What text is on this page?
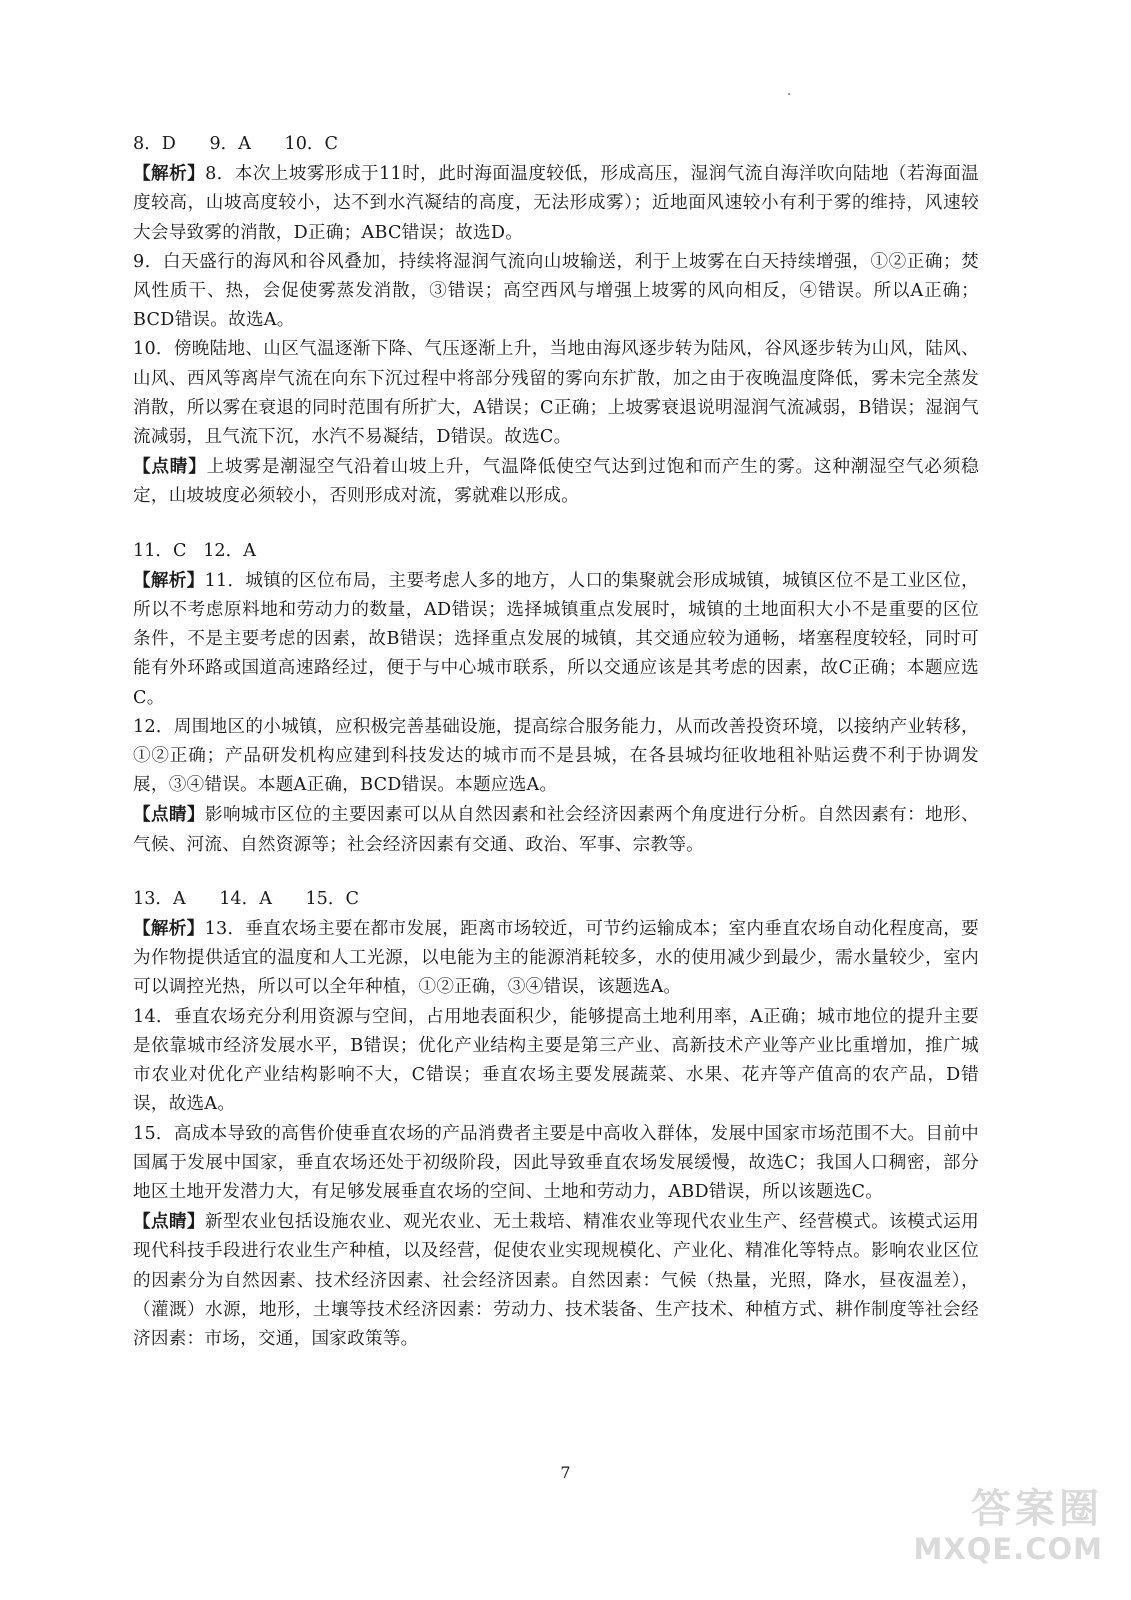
8．D      9．A      10．C

【解析】8．本次上坡雾形成于11时，此时海面温度较低，形成高压，湿润气流自海洋吹向陆地（若海面温度较高，山坡高度较小，达不到水汽凝结的高度，无法形成雾）；近地面风速较小有利于雾的维持，风速较大会导致雾的消散，D正确；ABC错误；故选D。

9．白天盛行的海风和谷风叠加，持续将湿润气流向山坡输送，利于上坡雾在白天持续增强，①②正确；焚风性质干、热，会促使雾蒸发消散，③错误；高空西风与增强上坡雾的风向相反，④错误。所以A正确；BCD错误。故选A。

10．傍晚陆地、山区气温逐渐下降、气压逐渐上升，当地由海风逐步转为陆风，谷风逐步转为山风，陆风、山风、西风等离岸气流在向东下沉过程中将部分残留的雾向东扩散，加之由于夜晚温度降低，雾未完全蒸发消散，所以雾在衰退的同时范围有所扩大，A错误；C正确；上坡雾衰退说明湿润气流减弱，B错误；湿润气流减弱，且气流下沉，水汽不易凝结，D错误。故选C。

【点睛】上坡雾是潮湿空气沿着山坡上升，气温降低使空气达到过饱和而产生的雾。这种潮湿空气必须稳定，山坡坡度必须较小，否则形成对流，雾就难以形成。

11．C   12．A

【解析】11．城镇的区位布局，主要考虑人多的地方，人口的集聚就会形成城镇，城镇区位不是工业区位，所以不考虑原料地和劳动力的数量，AD错误；选择城镇重点发展时，城镇的土地面积大小不是重要的区位条件，不是主要考虑的因素，故B错误；选择重点发展的城镇，其交通应较为通畅，堵塞程度较轻，同时可能有外环路或国道高速路经过，便于与中心城市联系，所以交通应该是其考虑的因素，故C正确；本题应选C。

12．周围地区的小城镇，应积极完善基础设施，提高综合服务能力，从而改善投资环境，以接纳产业转移，①②正确；产品研发机构应建到科技发达的城市而不是县城，在各县城均征收地租补贴运费不利于协调发展，③④错误。本题A正确，BCD错误。本题应选A。

【点睛】影响城市区位的主要因素可以从自然因素和社会经济因素两个角度进行分析。自然因素有：地形、气候、河流、自然资源等；社会经济因素有交通、政治、军事、宗教等。

13．A      14．A      15．C

【解析】13．垂直农场主要在都市发展，距离市场较近，可节约运输成本；室内垂直农场自动化程度高，要为作物提供适宜的温度和人工光源，以电能为主的能源消耗较多，水的使用减少到最少，需水量较少，室内可以调控光热，所以可以全年种植，①②正确，③④错误，该题选A。

14．垂直农场充分利用资源与空间，占用地表面积少，能够提高土地利用率，A正确；城市地位的提升主要是依靠城市经济发展水平，B错误；优化产业结构主要是第三产业、高新技术产业等产业比重增加，推广城市农业对优化产业结构影响不大，C错误；垂直农场主要发展蔬菜、水果、花卉等产值高的农产品，D错误，故选A。

15．高成本导致的高售价使垂直农场的产品消费者主要是中高收入群体，发展中国家市场范围不大。目前中国属于发展中国家，垂直农场还处于初级阶段，因此导致垂直农场发展缓慢，故选C；我国人口稠密，部分地区土地开发潜力大，有足够发展垂直农场的空间、土地和劳动力，ABD错误，所以该题选C。

【点睛】新型农业包括设施农业、观光农业、无土栽培、精准农业等现代农业生产、经营模式。该模式运用现代科技手段进行农业生产种植，以及经营，促使农业实现规模化、产业化、精准化等特点。影响农业区位的因素分为自然因素、技术经济因素、社会经济因素。自然因素：气候（热量，光照，降水，昼夜温差），（灌溉）水源，地形，土壤等技术经济因素：劳动力、技术装备、生产技术、种植方式、耕作制度等社会经济因素：市场，交通，国家政策等。

7
答案圈
MXQE.COM
